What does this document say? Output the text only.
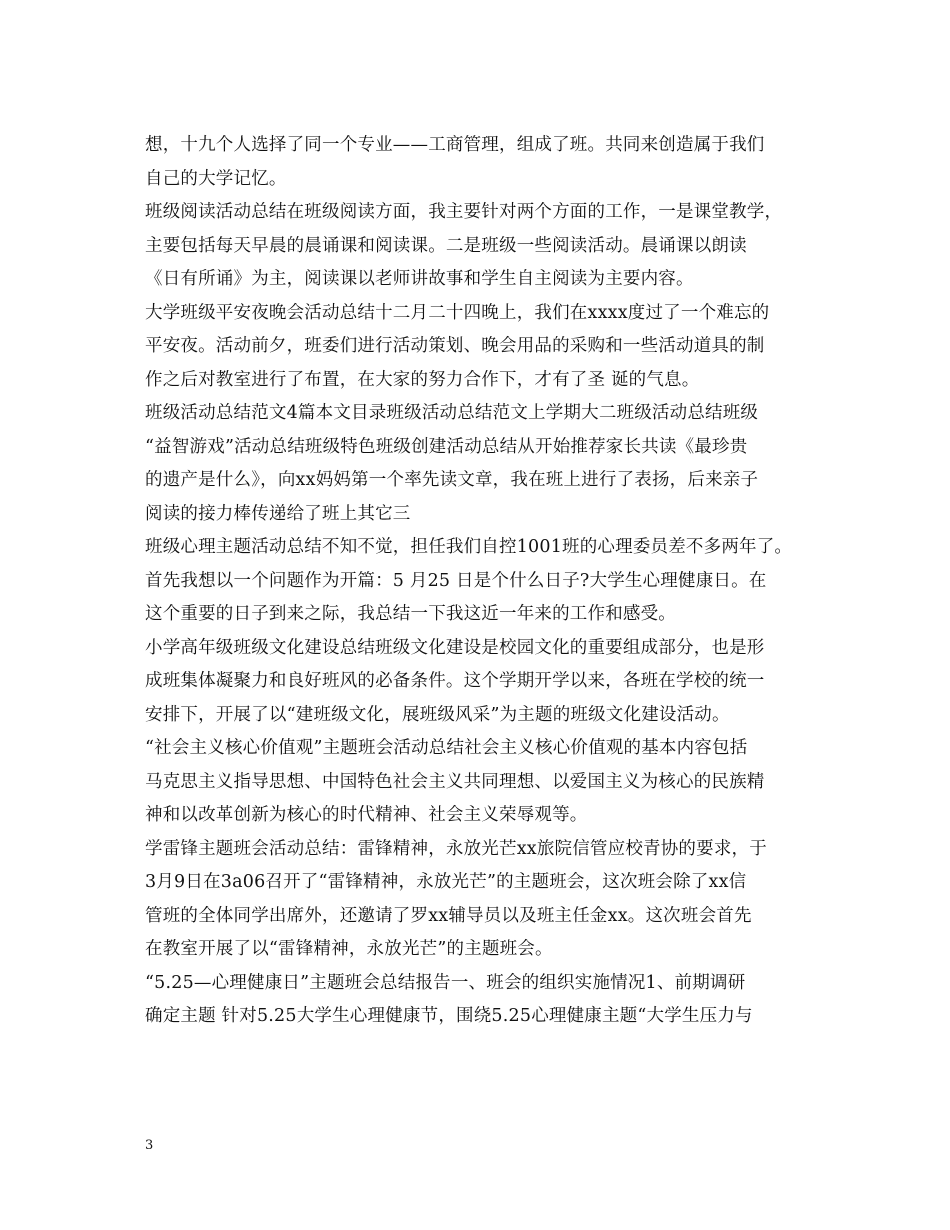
想，十九个人选择了同一个专业——工商管理，组成了班。共同来创造属于我们
自己的大学记忆。
班级阅读活动总结在班级阅读方面，我主要针对两个方面的工作，一是课堂教学，
主要包括每天早晨的晨诵课和阅读课。二是班级一些阅读活动。晨诵课以朗读
《日有所诵》为主，阅读课以老师讲故事和学生自主阅读为主要内容。
大学班级平安夜晚会活动总结十二月二十四晚上，我们在xxxx度过了一个难忘的
平安夜。活动前夕，班委们进行活动策划、晚会用品的采购和一些活动道具的制
作之后对教室进行了布置，在大家的努力合作下，才有了圣 诞的气息。
班级活动总结范文4篇本文目录班级活动总结范文上学期大二班级活动总结班级
“益智游戏”活动总结班级特色班级创建活动总结从开始推荐家长共读《最珍贵
的遗产是什么》，向xx妈妈第一个率先读文章，我在班上进行了表扬，后来亲子
阅读的接力棒传递给了班上其它三
班级心理主题活动总结不知不觉，担任我们自控1001班的心理委员差不多两年了。
首先我想以一个问题作为开篇：5 月25 日是个什么日子?大学生心理健康日。在
这个重要的日子到来之际，我总结一下我这近一年来的工作和感受。
小学高年级班级文化建设总结班级文化建设是校园文化的重要组成部分，也是形
成班集体凝聚力和良好班风的必备条件。这个学期开学以来，各班在学校的统一
安排下，开展了以“建班级文化，展班级风采”为主题的班级文化建设活动。
“社会主义核心价值观”主题班会活动总结社会主义核心价值观的基本内容包括
马克思主义指导思想、中国特色社会主义共同理想、以爱国主义为核心的民族精
神和以改革创新为核心的时代精神、社会主义荣辱观等。
学雷锋主题班会活动总结：雷锋精神，永放光芒xx旅院信管应校青协的要求，于
3月9日在3a06召开了“雷锋精神，永放光芒”的主题班会，这次班会除了xx信
管班的全体同学出席外，还邀请了罗xx辅导员以及班主任金xx。这次班会首先
在教室开展了以“雷锋精神，永放光芒”的主题班会。
“5.25—心理健康日”主题班会总结报告一、班会的组织实施情况1、前期调研
确定主题 针对5.25大学生心理健康节，围绕5.25心理健康主题“大学生压力与
3
